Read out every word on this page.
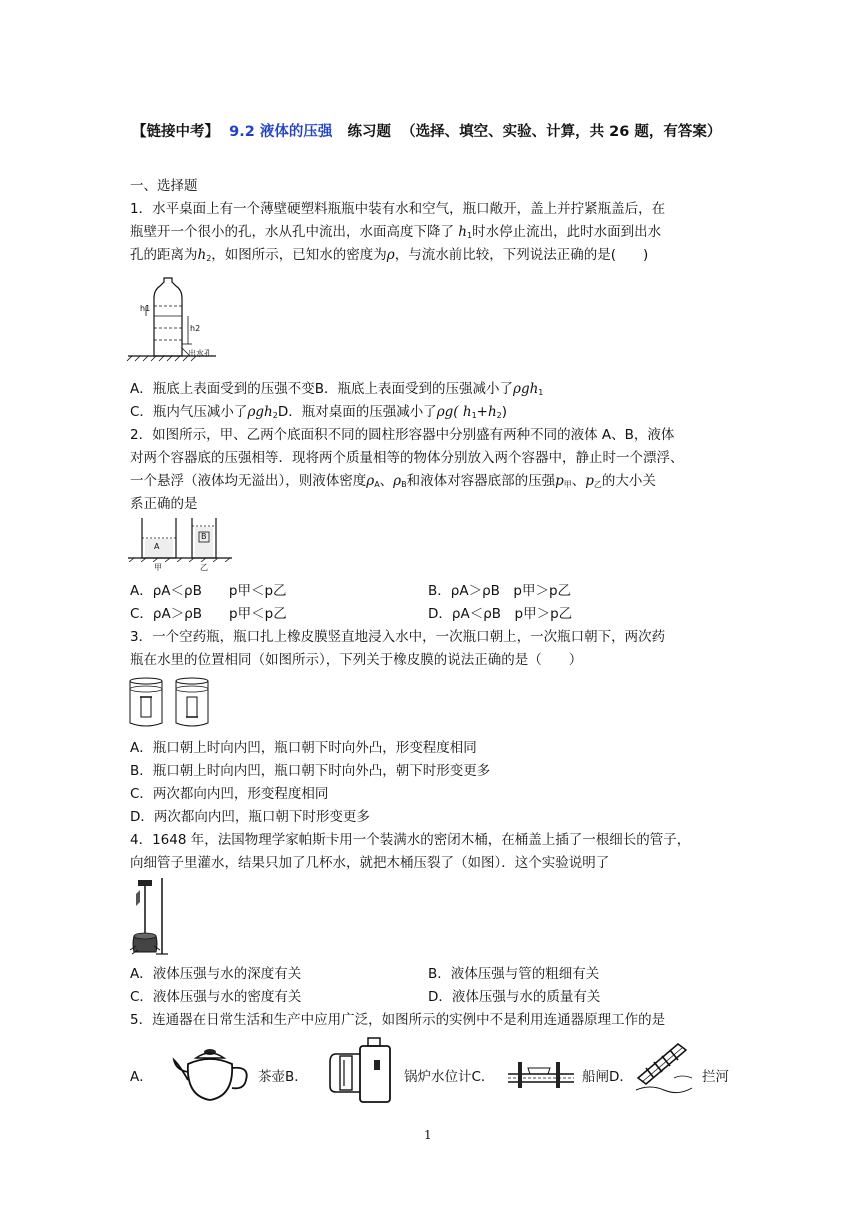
【链接中考】 9.2 液体的压强 练习题 （选择、填空、实验、计算，共 26 题，有答案）
一、选择题
1．水平桌面上有一个薄壁硬塑料瓶瓶中装有水和空气，瓶口敞开，盖上并拧紧瓶盖后，在
瓶壁开一个很小的孔，水从孔中流出，水面高度下降了 $h_1$时水停止流出，此时水面到出水
孔的距离为$h_2$，如图所示，已知水的密度为ρ，与流水前比较，下列说法正确的是(　　)
h1
h2
出水孔
A．瓶底上表面受到的压强不变B．瓶底上表面受到的压强减小了ρgh$_1$
C．瓶内气压减小了ρgh$_2$D．瓶对桌面的压强减小了ρg( $h_1+h_2$)
2．如图所示，甲、乙两个底面积不同的圆柱形容器中分别盛有两种不同的液体 A、B，液体
对两个容器底的压强相等．现将两个质量相等的物体分别放入两个容器中，静止时一个漂浮、
一个悬浮（液体均无溢出），则液体密度$\rho_A$、$\rho_B$和液体对容器底部的压强$p_甲$、$p_乙$的大小关
系正确的是
A
B
甲	乙
A．ρA＜ρB　　p甲＜p乙	B．ρA＞ρB　p甲＞p乙
C．ρA＞ρB　　p甲＜p乙	D．ρA＜ρB　p甲＞p乙
3．一个空药瓶，瓶口扎上橡皮膜竖直地浸入水中，一次瓶口朝上，一次瓶口朝下，两次药
瓶在水里的位置相同（如图所示），下列关于橡皮膜的说法正确的是（　　）
A．瓶口朝上时向内凹，瓶口朝下时向外凸，形变程度相同
B．瓶口朝上时向内凹，瓶口朝下时向外凸，朝下时形变更多
C．两次都向内凹，形变程度相同
D．两次都向内凹，瓶口朝下时形变更多
4．1648 年，法国物理学家帕斯卡用一个装满水的密闭木桶，在桶盖上插了一根细长的管子，
向细管子里灌水，结果只加了几杯水，就把木桶压裂了（如图）．这个实验说明了
A．液体压强与水的深度有关	B．液体压强与管的粗细有关
C．液体压强与水的密度有关	D．液体压强与水的质量有关
5．连通器在日常生活和生产中应用广泛，如图所示的实例中不是利用连通器原理工作的是
A．	茶壶B．	锅炉水位计C．	船闸D．	拦河
1
